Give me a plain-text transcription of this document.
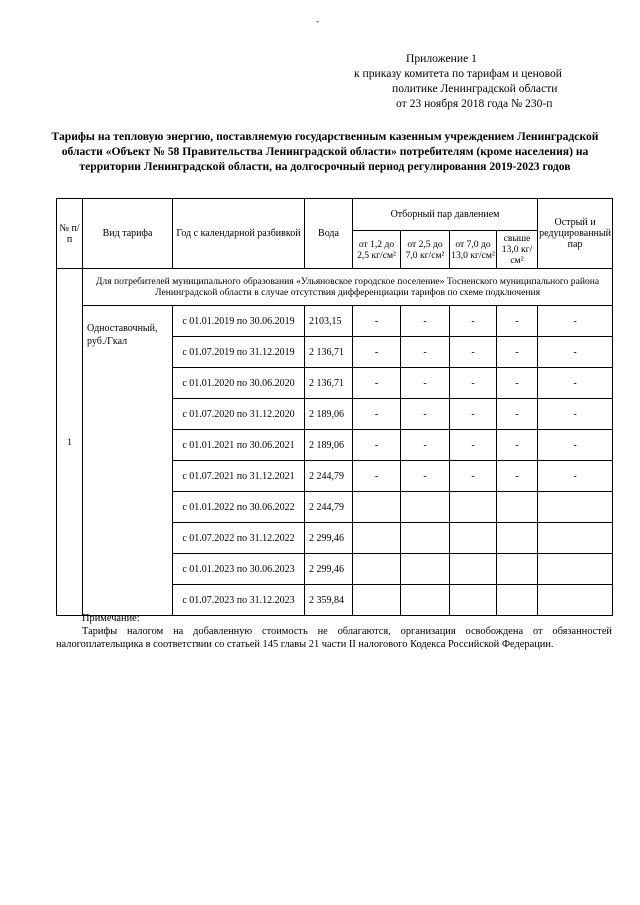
-
Приложение 1
к приказу комитета по тарифам и ценовой
политике Ленинградской области
от 23 ноября 2018 года № 230-п
Тарифы на тепловую энергию, поставляемую государственным казенным учреждением Ленинградской области «Объект № 58 Правительства Ленинградской области» потребителям (кроме населения) на территории Ленинградской области, на долгосрочный период регулирования 2019-2023 годов
№ п/п	Вид тарифа	Год с календарной разбивкой	Вода	Отборный пар давлением				Острый и редуцированный пар
				от 1,2 до 2,5 кг/см²	от 2,5 до 7,0 кг/см²	от 7,0 до 13,0 кг/см²	свыше 13,0 кг/см²	
1	Для потребителей муниципального образования «Ульяновское городское поселение» Тосненского муниципального района Ленинградской области в случае отсутствия дифференциации тарифов по схеме подключения							
	Одноставочный, руб./Гкал	с 01.01.2019 по 30.06.2019	2103,15	-	-	-	-	-
		с 01.07.2019 по 31.12.2019	2 136,71	-	-	-	-	-
		с 01.01.2020 по 30.06.2020	2 136,71	-	-	-	-	-
		с 01.07.2020 по 31.12.2020	2 189,06	-	-	-	-	-
		с 01.01.2021 по 30.06.2021	2 189,06	-	-	-	-	-
		с 01.07.2021 по 31.12.2021	2 244,79	-	-	-	-	-
		с 01.01.2022 по 30.06.2022	2 244,79					
		с 01.07.2022 по 31.12.2022	2 299,46					
		с 01.01.2023 по 30.06.2023	2 299,46					
		с 01.07.2023 по 31.12.2023	2 359,84					
Примечание:
Тарифы налогом на добавленную стоимость не облагаются, организация освобождена от обязанностей налогоплательщика в соответствии со статьей 145 главы 21 части II налогового Кодекса Российской Федерации.
